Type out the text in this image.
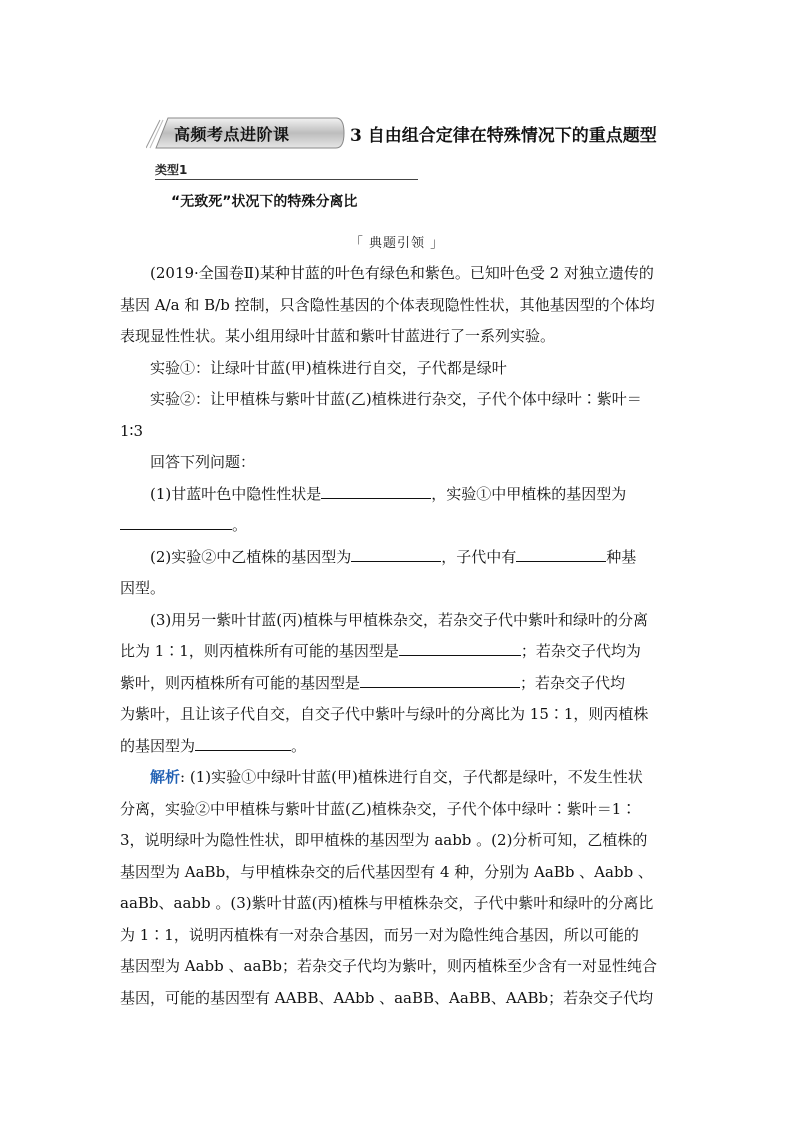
高频考点进阶课	3 自由组合定律在特殊情况下的重点题型
类型1
“无致死”状况下的特殊分离比
「 典题引领 」
(2019·全国卷Ⅱ)某种甘蓝的叶色有绿色和紫色。已知叶色受 2 对独立遗传的
基因 A/a 和 B/b 控制，只含隐性基因的个体表现隐性性状，其他基因型的个体均
表现显性性状。某小组用绿叶甘蓝和紫叶甘蓝进行了一系列实验。
实验①：让绿叶甘蓝(甲)植株进行自交，子代都是绿叶
实验②：让甲植株与紫叶甘蓝(乙)植株进行杂交，子代个体中绿叶∶紫叶＝
1∶3
回答下列问题：
(1)甘蓝叶色中隐性性状是	，实验①中甲植株的基因型为
。
(2)实验②中乙植株的基因型为	，子代中有	种基
因型。
(3)用另一紫叶甘蓝(丙)植株与甲植株杂交，若杂交子代中紫叶和绿叶的分离
比为 1∶1，则丙植株所有可能的基因型是	；若杂交子代均为
紫叶，则丙植株所有可能的基因型是	；若杂交子代均
为紫叶，且让该子代自交，自交子代中紫叶与绿叶的分离比为 15∶1，则丙植株
的基因型为	。
解析: (1)实验①中绿叶甘蓝(甲)植株进行自交，子代都是绿叶，不发生性状
分离，实验②中甲植株与紫叶甘蓝(乙)植株杂交，子代个体中绿叶∶紫叶＝1∶
3，说明绿叶为隐性性状，即甲植株的基因型为 aabb 。(2)分析可知，乙植株的
基因型为 AaBb，与甲植株杂交的后代基因型有 4 种，分别为 AaBb 、Aabb 、
aaBb、aabb 。(3)紫叶甘蓝(丙)植株与甲植株杂交，子代中紫叶和绿叶的分离比
为 1∶1，说明丙植株有一对杂合基因，而另一对为隐性纯合基因，所以可能的
基因型为 Aabb 、aaBb；若杂交子代均为紫叶，则丙植株至少含有一对显性纯合
基因，可能的基因型有 AABB、AAbb 、aaBB、AaBB、AABb；若杂交子代均
